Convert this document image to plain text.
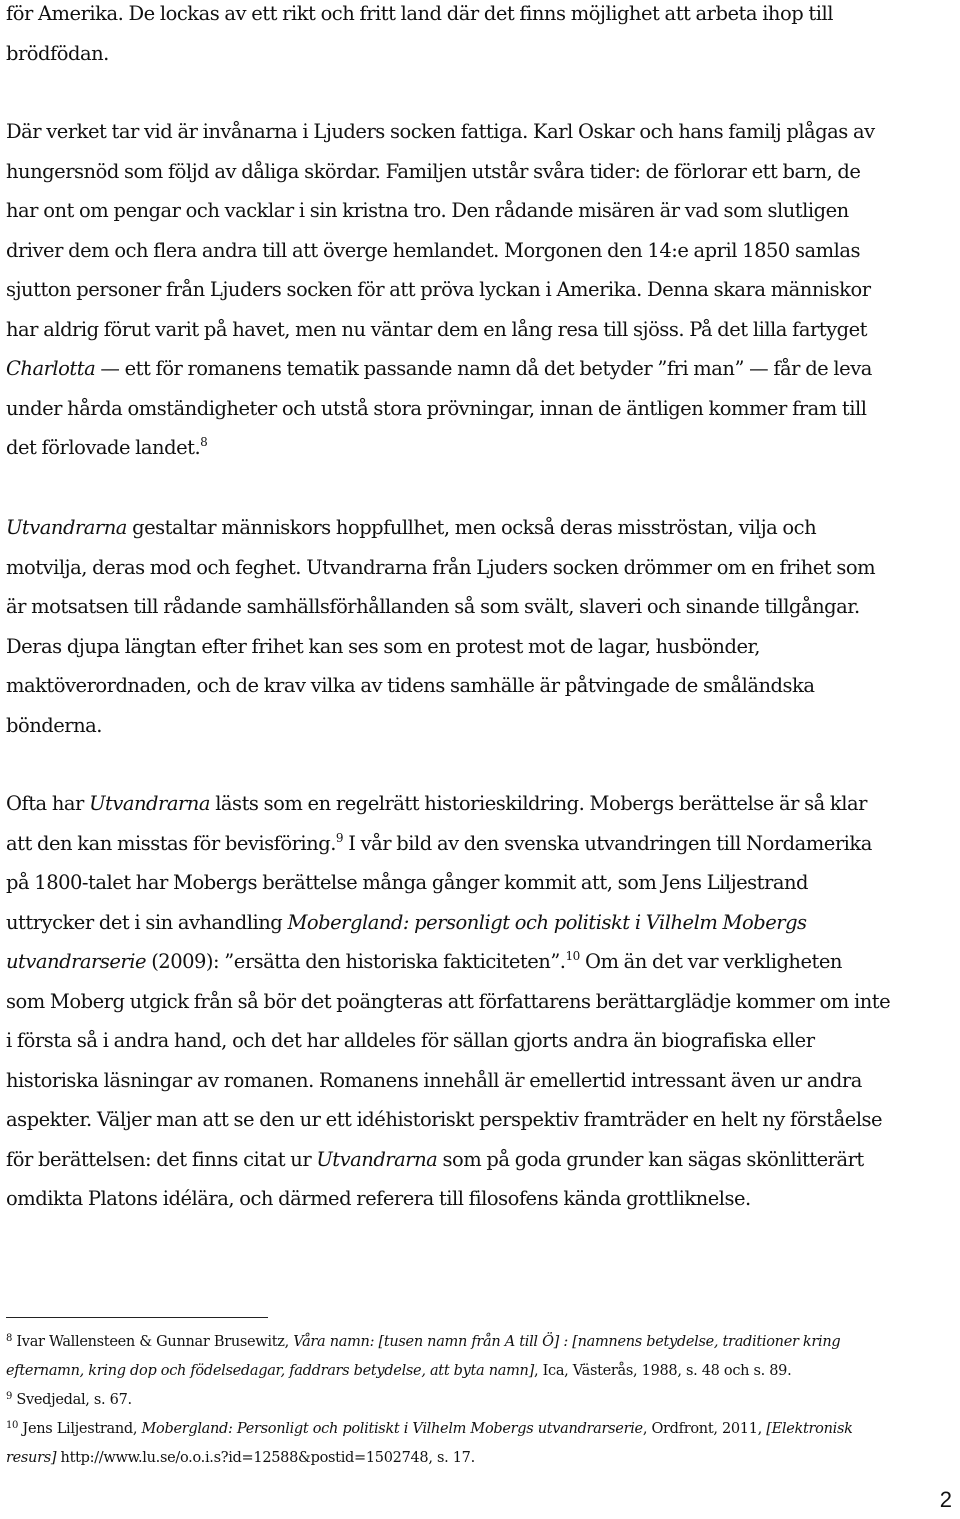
för Amerika. De lockas av ett rikt och fritt land där det finns möjlighet att arbeta ihop till
brödfödan.

Där verket tar vid är invånarna i Ljuders socken fattiga. Karl Oskar och hans familj plågas av
hungersnöd som följd av dåliga skördar. Familjen utstår svåra tider: de förlorar ett barn, de
har ont om pengar och vacklar i sin kristna tro. Den rådande misären är vad som slutligen
driver dem och flera andra till att överge hemlandet. Morgonen den 14:e april 1850 samlas
sjutton personer från Ljuders socken för att pröva lyckan i Amerika. Denna skara människor
har aldrig förut varit på havet, men nu väntar dem en lång resa till sjöss. På det lilla fartyget
Charlotta — ett för romanens tematik passande namn då det betyder ”fri man” — får de leva
under hårda omständigheter och utstå stora prövningar, innan de äntligen kommer fram till
det förlovade landet.$^8$

Utvandrarna gestaltar människors hoppfullhet, men också deras misströstan, vilja och
motvilja, deras mod och feghet. Utvandrarna från Ljuders socken drömmer om en frihet som
är motsatsen till rådande samhällsförhållanden så som svält, slaveri och sinande tillgångar.
Deras djupa längtan efter frihet kan ses som en protest mot de lagar, husbönder,
maktöverordnaden, och de krav vilka av tidens samhälle är påtvingade de småländska
bönderna.

Ofta har Utvandrarna lästs som en regelrätt historieskildring. Mobergs berättelse är så klar
att den kan misstas för bevisföring.$^9$ I vår bild av den svenska utvandringen till Nordamerika
på 1800-talet har Mobergs berättelse många gånger kommit att, som Jens Liljestrand
uttrycker det i sin avhandling Mobergland: personligt och politiskt i Vilhelm Mobergs
utvandrarserie (2009): ”ersätta den historiska fakticiteten”.$^{10}$ Om än det var verkligheten
som Moberg utgick från så bör det poängteras att författarens berättarglädje kommer om inte
i första så i andra hand, och det har alldeles för sällan gjorts andra än biografiska eller
historiska läsningar av romanen. Romanens innehåll är emellertid intressant även ur andra
aspekter. Väljer man att se den ur ett idéhistoriskt perspektiv framträder en helt ny förståelse
för berättelsen: det finns citat ur Utvandrarna som på goda grunder kan sägas skönlitterärt
omdikta Platons idélära, och därmed referera till filosofens kända grottliknelse.

$^8$ Ivar Wallensteen & Gunnar Brusewitz, Våra namn: [tusen namn från A till Ö] : [namnens betydelse, traditioner kring
efternamn, kring dop och födelsedagar, faddrars betydelse, att byta namn], Ica, Västerås, 1988, s. 48 och s. 89.
$^9$ Svedjedal, s. 67.
$^{10}$ Jens Liljestrand, Mobergland: Personligt och politiskt i Vilhelm Mobergs utvandrarserie, Ordfront, 2011, [Elektronisk
resurs] http://www.lu.se/o.o.i.s?id=12588&postid=1502748, s. 17.
2
